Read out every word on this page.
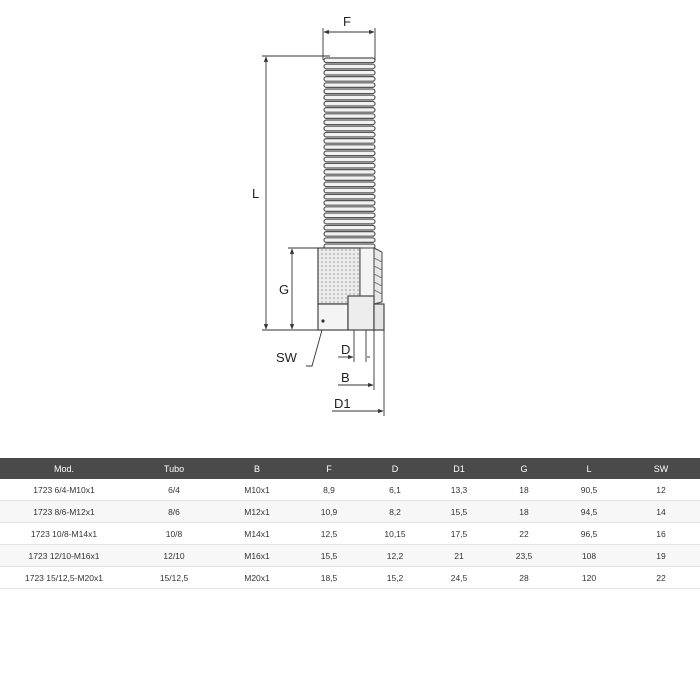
F
L
G
SW
D
B
D1
Mod.	Tubo	B	F	D	D1	G	L	SW
1723 6/4-M10x1	6/4	M10x1	8,9	6,1	13,3	18	90,5	12
1723 8/6-M12x1	8/6	M12x1	10,9	8,2	15,5	18	94,5	14
1723 10/8-M14x1	10/8	M14x1	12,5	10,15	17,5	22	96,5	16
1723 12/10-M16x1	12/10	M16x1	15,5	12,2	21	23,5	108	19
1723 15/12,5-M20x1	15/12,5	M20x1	18,5	15,2	24,5	28	120	22
